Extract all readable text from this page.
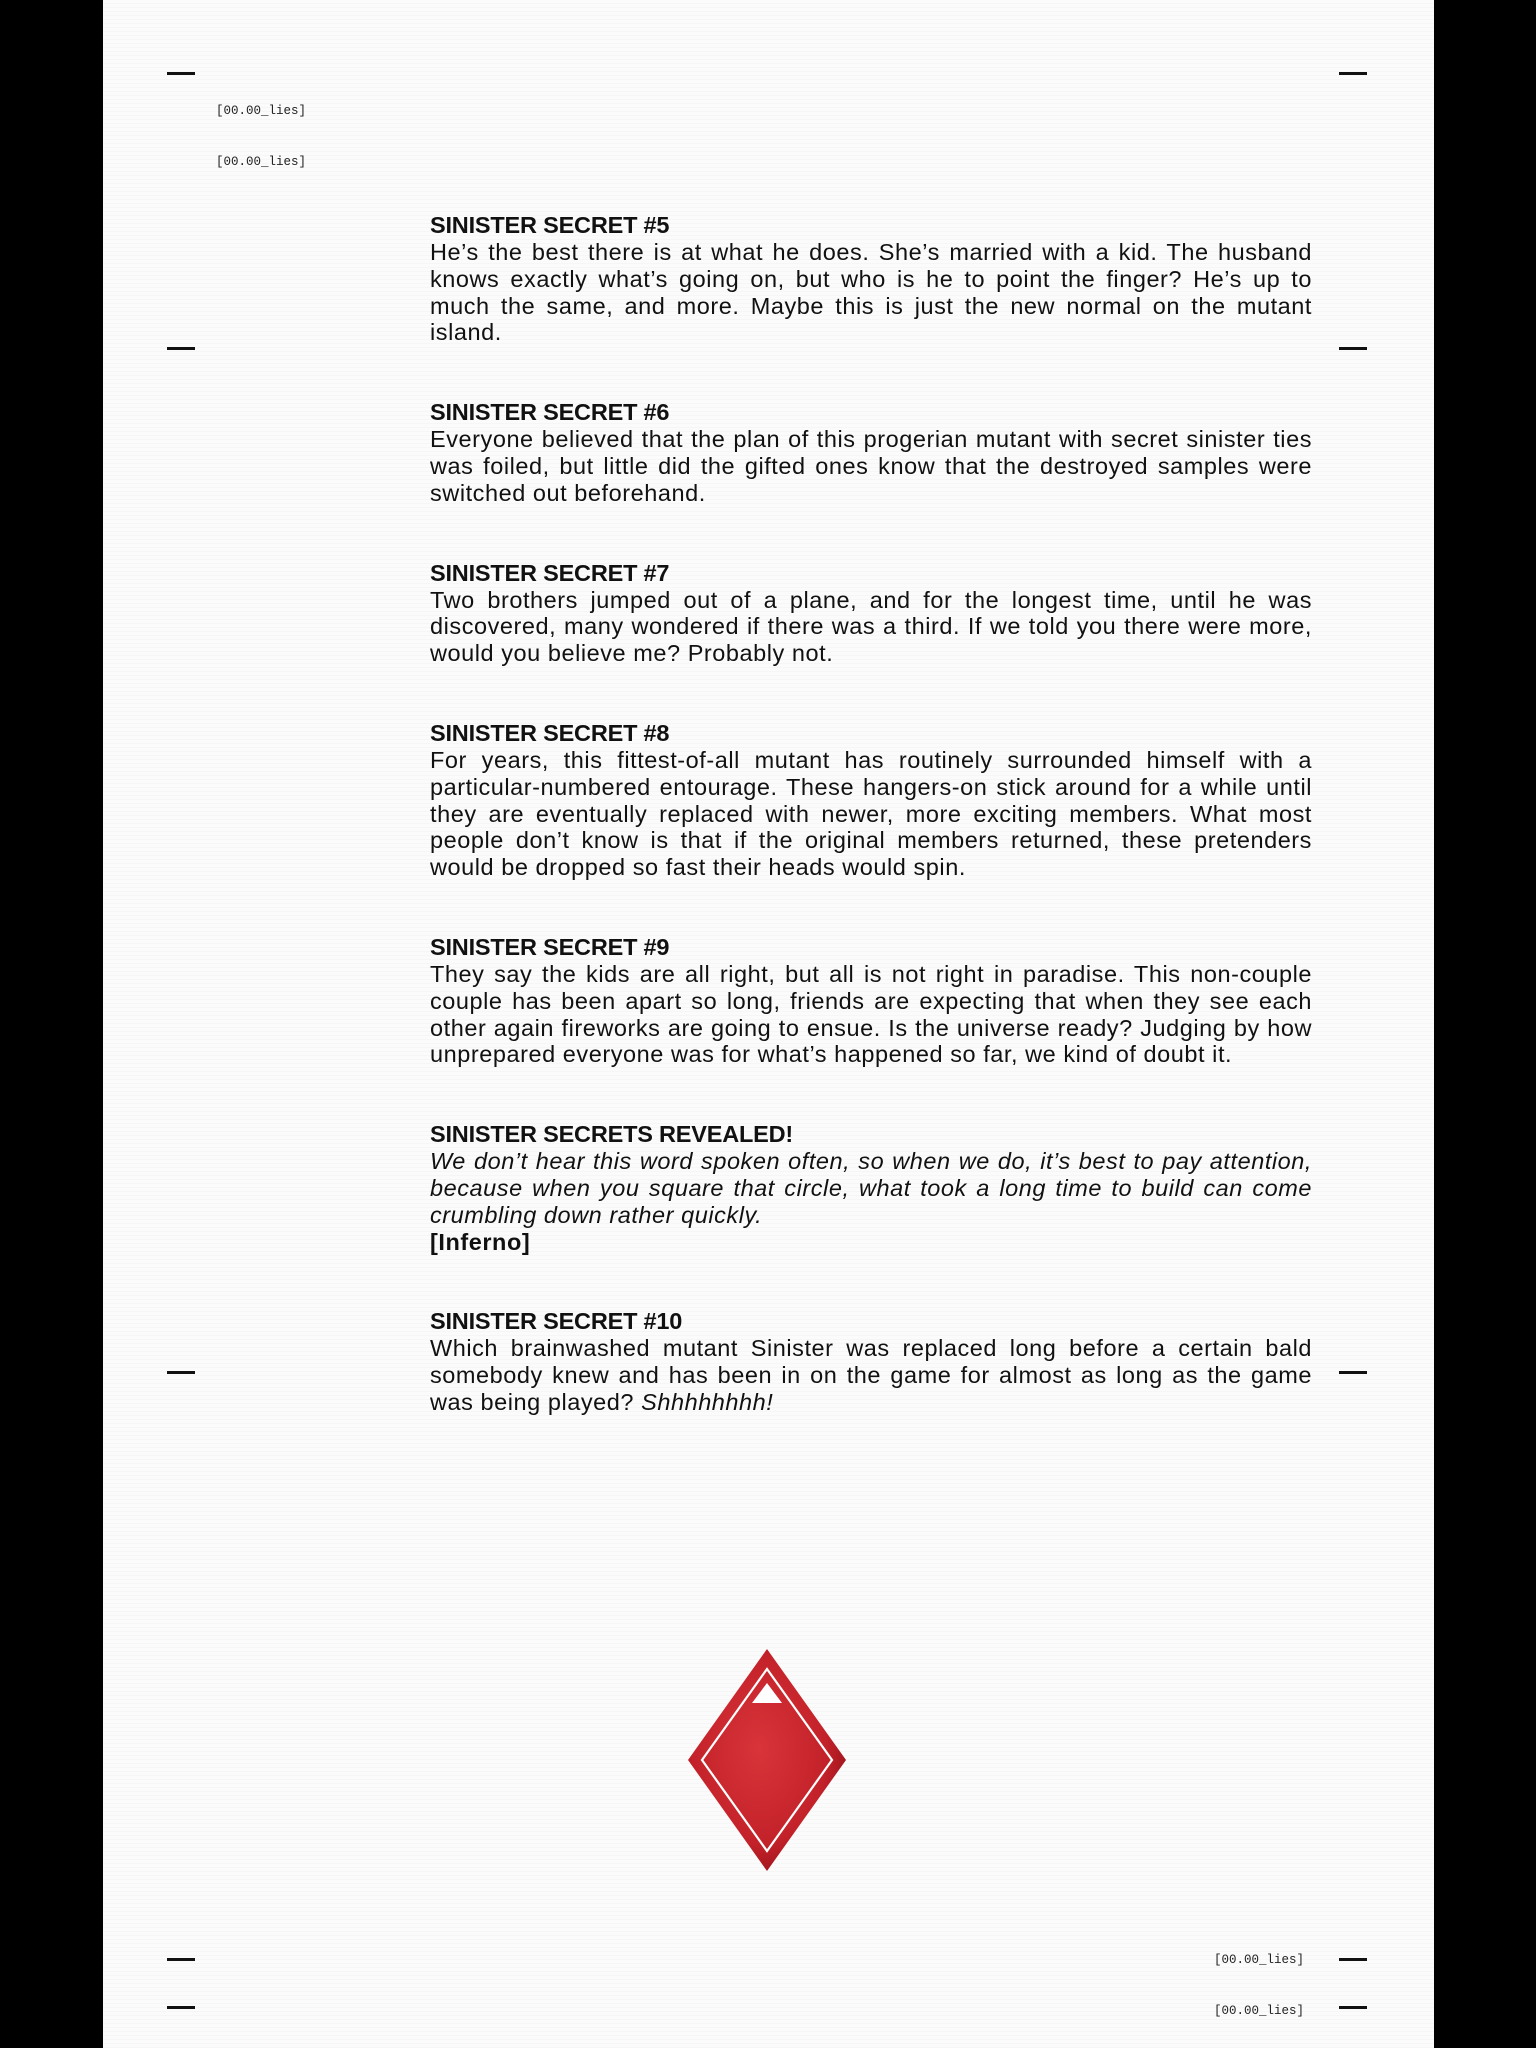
[00.00_lies]

[00.00_lies]

[00.00_lies]

[00.00_lies]

SINISTER SECRET #5

He’s the best there is at what he does. She’s married with a kid. The husband knows exactly what’s going on, but who is he to point the finger? He’s up to much the same, and more. Maybe this is just the new normal on the mutant island.

SINISTER SECRET #6

Everyone believed that the plan of this progerian mutant with secret sinister ties was foiled, but little did the gifted ones know that the destroyed samples were switched out beforehand.

SINISTER SECRET #7

Two brothers jumped out of a plane, and for the longest time, until he was discovered, many wondered if there was a third. If we told you there were more, would you believe me? Probably not.

SINISTER SECRET #8

For years, this fittest-of-all mutant has routinely surrounded himself with a particular-numbered entourage. These hangers-on stick around for a while until they are eventually replaced with newer, more exciting members. What most people don’t know is that if the original members returned, these pretenders would be dropped so fast their heads would spin.

SINISTER SECRET #9

They say the kids are all right, but all is not right in paradise. This non-couple couple has been apart so long, friends are expecting that when they see each other again fireworks are going to ensue. Is the universe ready? Judging by how unprepared everyone was for what’s happened so far, we kind of doubt it.

SINISTER SECRETS REVEALED!

We don’t hear this word spoken often, so when we do, it’s best to pay attention, because when you square that circle, what took a long time to build can come crumbling down rather quickly.

[Inferno]

SINISTER SECRET #10

Which brainwashed mutant Sinister was replaced long before a certain bald somebody knew and has been in on the game for almost as long as the game was being played? Shhhhhhhh!
